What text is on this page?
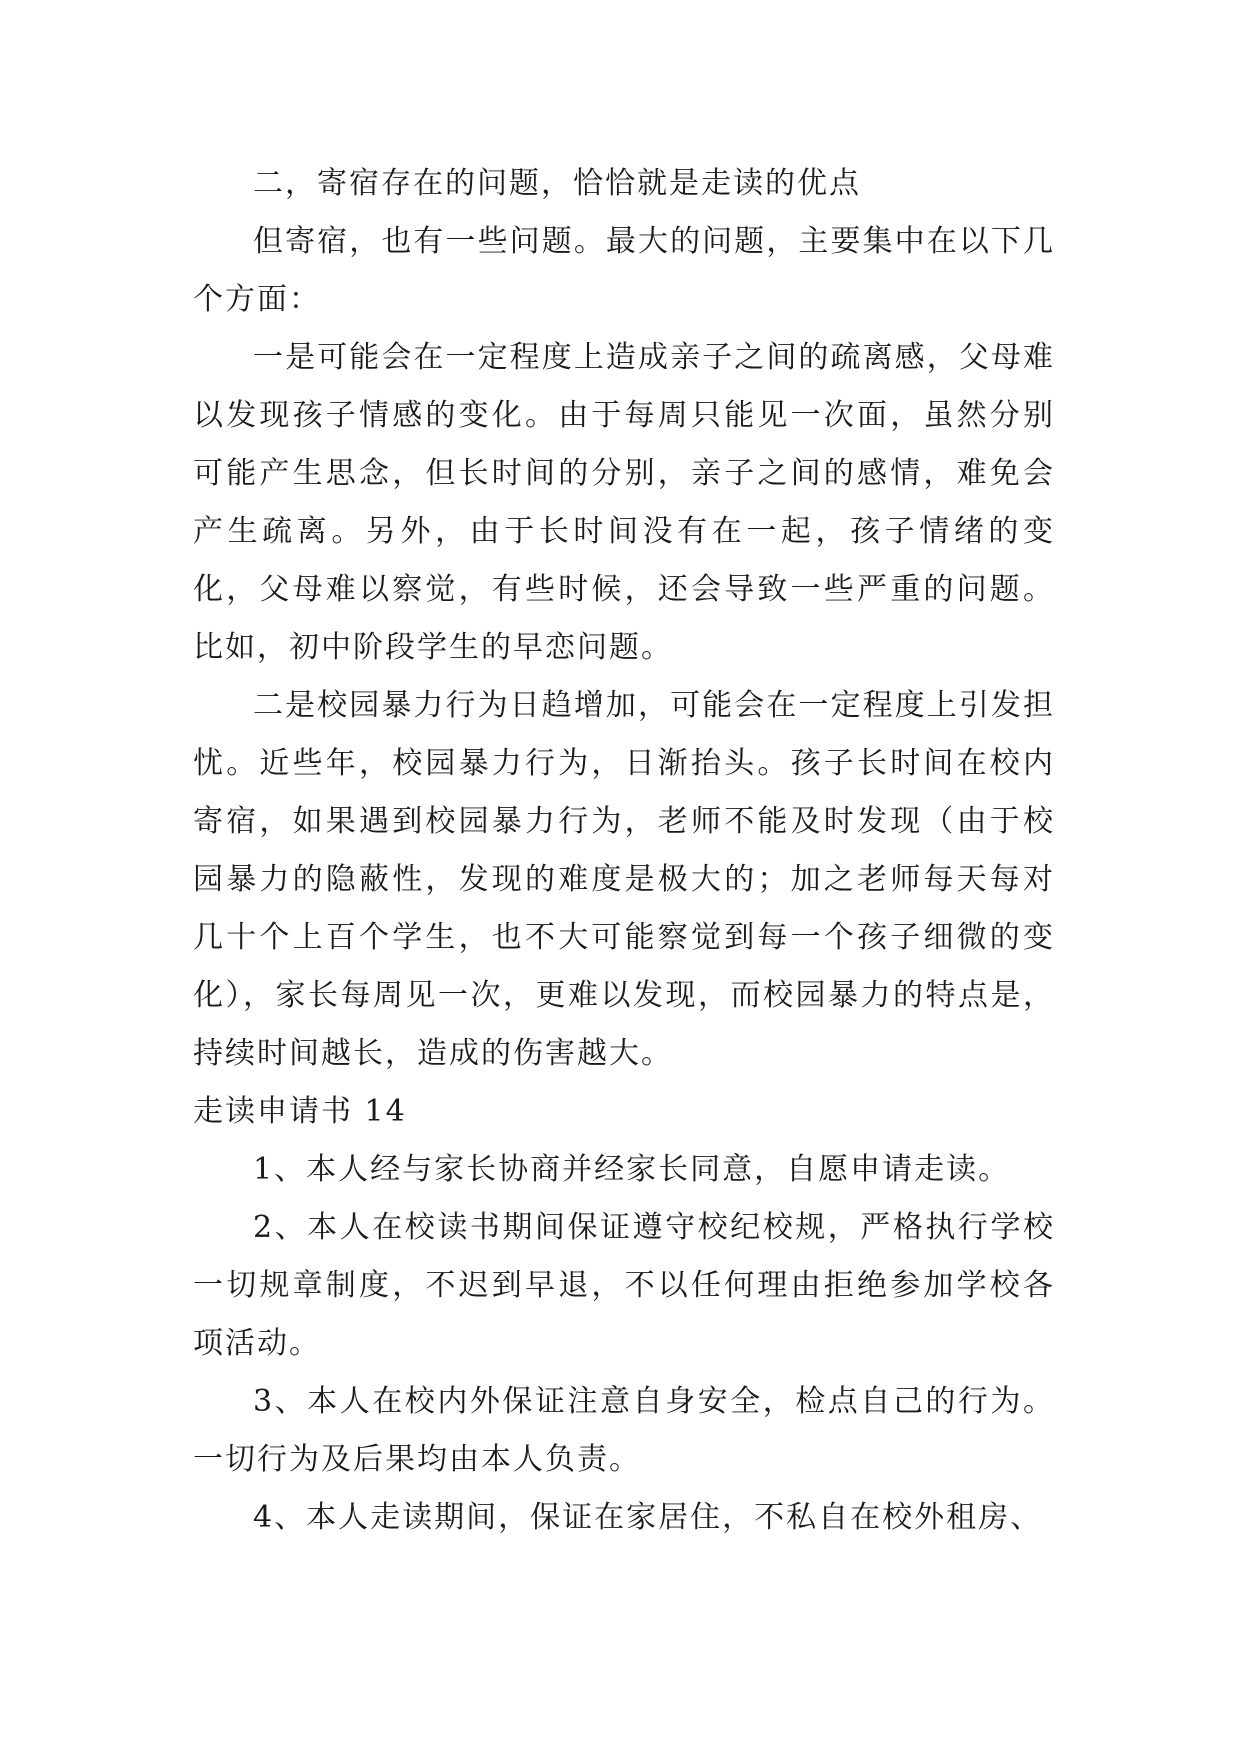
二，寄宿存在的问题，恰恰就是走读的优点

但寄宿，也有一些问题。最大的问题，主要集中在以下几个方面：

一是可能会在一定程度上造成亲子之间的疏离感，父母难以发现孩子情感的变化。由于每周只能见一次面，虽然分别可能产生思念，但长时间的分别，亲子之间的感情，难免会产生疏离。另外，由于长时间没有在一起，孩子情绪的变化，父母难以察觉，有些时候，还会导致一些严重的问题。比如，初中阶段学生的早恋问题。

二是校园暴力行为日趋增加，可能会在一定程度上引发担忧。近些年，校园暴力行为，日渐抬头。孩子长时间在校内寄宿，如果遇到校园暴力行为，老师不能及时发现（由于校园暴力的隐蔽性，发现的难度是极大的；加之老师每天每对几十个上百个学生，也不大可能察觉到每一个孩子细微的变化），家长每周见一次，更难以发现，而校园暴力的特点是，持续时间越长，造成的伤害越大。

走读申请书 14

1、本人经与家长协商并经家长同意，自愿申请走读。

2、本人在校读书期间保证遵守校纪校规，严格执行学校一切规章制度，不迟到早退，不以任何理由拒绝参加学校各项活动。

3、本人在校内外保证注意自身安全，检点自己的行为。一切行为及后果均由本人负责。

4、本人走读期间，保证在家居住，不私自在校外租房、
